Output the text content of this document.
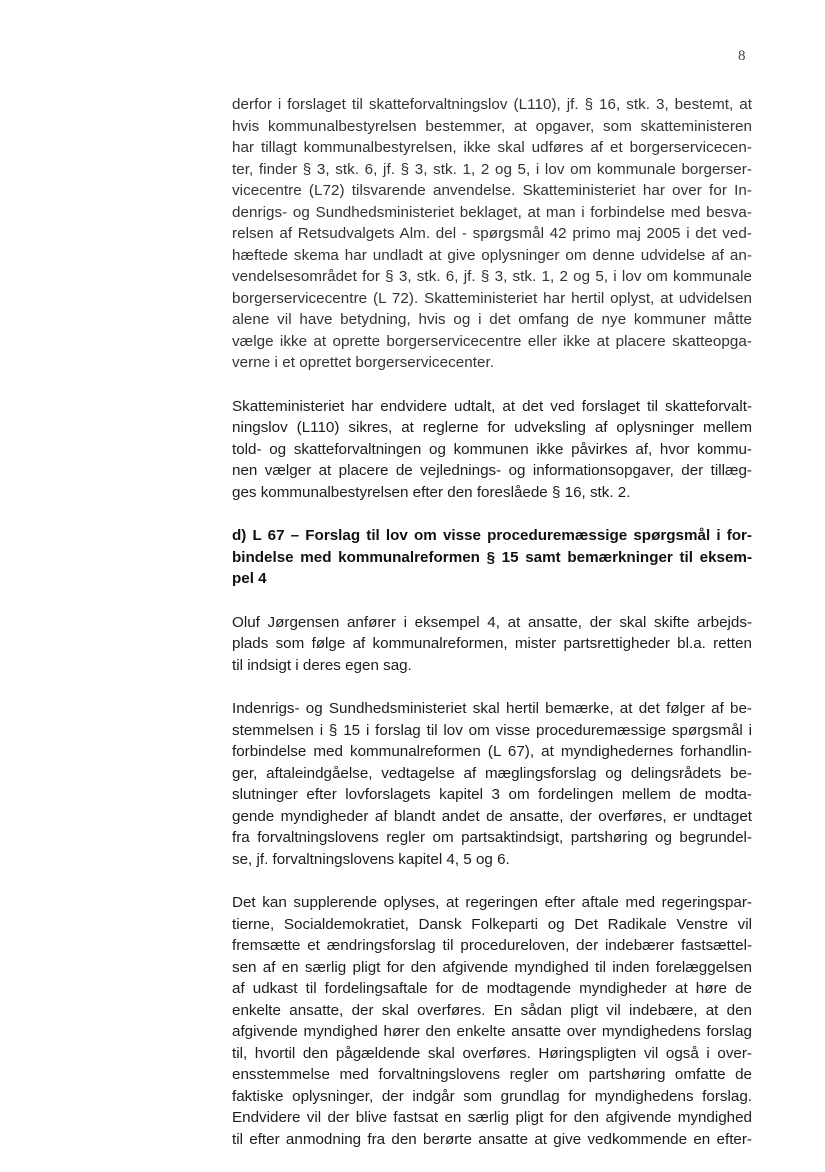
8
derfor i forslaget til skatteforvaltningslov (L110), jf. § 16, stk. 3, bestemt, at
hvis kommunalbestyrelsen bestemmer, at opgaver, som skatteministeren
har tillagt kommunalbestyrelsen, ikke skal udføres af et borgerservicecen-
ter, finder § 3, stk. 6, jf. § 3, stk. 1, 2 og 5, i lov om kommunale borgerser-
vicecentre (L72) tilsvarende anvendelse. Skatteministeriet har over for In-
denrigs- og Sundhedsministeriet beklaget, at man i forbindelse med besva-
relsen af Retsudvalgets Alm. del - spørgsmål 42 primo maj 2005 i det ved-
hæftede skema har undladt at give oplysninger om denne udvidelse af an-
vendelsesområdet for § 3, stk. 6, jf. § 3, stk. 1, 2 og 5, i lov om kommunale
borgerservicecentre (L 72). Skatteministeriet har hertil oplyst, at udvidelsen
alene vil have betydning, hvis og i det omfang de nye kommuner måtte
vælge ikke at oprette borgerservicecentre eller ikke at placere skatteopga-
verne i et oprettet borgerservicecenter.
Skatteministeriet har endvidere udtalt, at det ved forslaget til skatteforvalt-
ningslov (L110) sikres, at reglerne for udveksling af oplysninger mellem
told- og skatteforvaltningen og kommunen ikke påvirkes af, hvor kommu-
nen vælger at placere de vejlednings- og informationsopgaver, der tillæg-
ges kommunalbestyrelsen efter den foreslåede § 16, stk. 2.
d) L 67 – Forslag til lov om visse proceduremæssige spørgsmål i for-
bindelse med kommunalreformen § 15 samt bemærkninger til eksem-
pel 4
Oluf Jørgensen anfører i eksempel 4, at ansatte, der skal skifte arbejds-
plads som følge af kommunalreformen, mister partsrettigheder bl.a. retten
til indsigt i deres egen sag.
Indenrigs- og Sundhedsministeriet skal hertil bemærke, at det følger af be-
stemmelsen i § 15 i forslag til lov om visse proceduremæssige spørgsmål i
forbindelse med kommunalreformen (L 67), at myndighedernes forhandlin-
ger, aftaleindgåelse, vedtagelse af mæglingsforslag og delingsrådets be-
slutninger efter lovforslagets kapitel 3 om fordelingen mellem de modta-
gende myndigheder af blandt andet de ansatte, der overføres, er undtaget
fra forvaltningslovens regler om partsaktindsigt, partshøring og begrundel-
se, jf. forvaltningslovens kapitel 4, 5 og 6.
Det kan supplerende oplyses, at regeringen efter aftale med regeringspar-
tierne, Socialdemokratiet, Dansk Folkeparti og Det Radikale Venstre vil
fremsætte et ændringsforslag til procedureloven, der indebærer fastsættel-
sen af en særlig pligt for den afgivende myndighed til inden forelæggelsen
af udkast til fordelingsaftale for de modtagende myndigheder at høre de
enkelte ansatte, der skal overføres. En sådan pligt vil indebære, at den
afgivende myndighed hører den enkelte ansatte over myndighedens forslag
til, hvortil den pågældende skal overføres. Høringspligten vil også i over-
ensstemmelse med forvaltningslovens regler om partshøring omfatte de
faktiske oplysninger, der indgår som grundlag for myndighedens forslag.
Endvidere vil der blive fastsat en særlig pligt for den afgivende myndighed
til efter anmodning fra den berørte ansatte at give vedkommende en efter-
